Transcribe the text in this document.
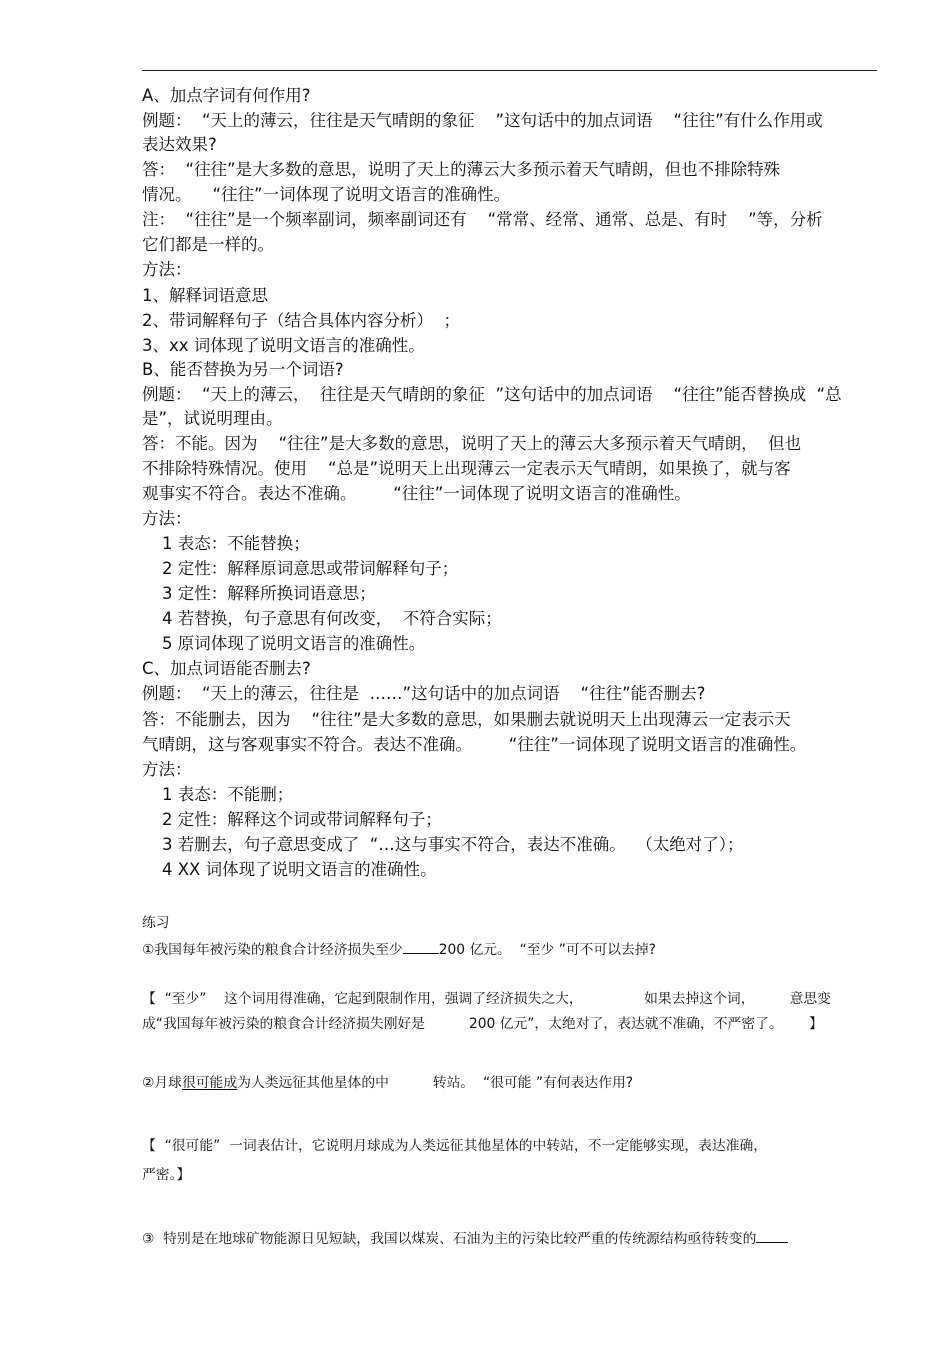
A、加点字词有何作用?
例题：  “天上的薄云，往往是天气晴朗的象征    ”这句话中的加点词语    “往往”有什么作用或
表达效果?
答：  “往往”是大多数的意思，说明了天上的薄云大多预示着天气晴朗，但也不排除特殊
情况。    “往往”一词体现了说明文语言的准确性。
注：  “往往”是一个频率副词，频率副词还有    “常常、经常、通常、总是、有时    ”等，分析
它们都是一样的。
方法：
1、解释词语意思
2、带词解释句子（结合具体内容分析）  ；
3、xx 词体现了说明文语言的准确性。
B、能否替换为另一个词语?
例题：  “天上的薄云，  往往是天气晴朗的象征  ”这句话中的加点词语    “往往”能否替换成  “总
是”，试说明理由。
答：不能。因为    “往往”是大多数的意思，说明了天上的薄云大多预示着天气晴朗，  但也
不排除特殊情况。使用    “总是”说明天上出现薄云一定表示天气晴朗，如果换了，就与客
观事实不符合。表达不准确。       “往往”一词体现了说明文语言的准确性。
方法：
1 表态：不能替换；
2 定性：解释原词意思或带词解释句子；
3 定性：解释所换词语意思；
4 若替换，句子意思有何改变，  不符合实际；
5 原词体现了说明文语言的准确性。
C、加点词语能否删去?
例题：  “天上的薄云，往往是  ……”这句话中的加点词语    “往往”能否删去?
答：不能删去，因为    “往往”是大多数的意思，如果删去就说明天上出现薄云一定表示天
气晴朗，这与客观事实不符合。表达不准确。       “往往”一词体现了说明文语言的准确性。
方法：
1 表态：不能删；
2 定性：解释这个词或带词解释句子；
3 若删去，句子意思变成了  “…这与事实不符合，表达不准确。  （太绝对了）；
4 XX 词体现了说明文语言的准确性。
练习
①我国每年被污染的粮食合计经济损失至少	200 亿元。  “至少 ”可不可以去掉?
【  “至少”    这个词用得准确，它起到限制作用，强调了经济损失之大，              如果去掉这个词，        意思变
成“我国每年被污染的粮食合计经济损失刚好是          200 亿元”，太绝对了，表达就不准确，不严密了。      】
②月球很可能成为人类远征其他星体的中          转站。  “很可能 ”有何表达作用?
【  “很可能”  一词表估计，它说明月球成为人类远征其他星体的中转站，不一定能够实现，表达准确，
严密。】
③  特别是在地球矿物能源日见短缺，我国以煤炭、石油为主的污染比较严重的传统源结构亟待转变的
